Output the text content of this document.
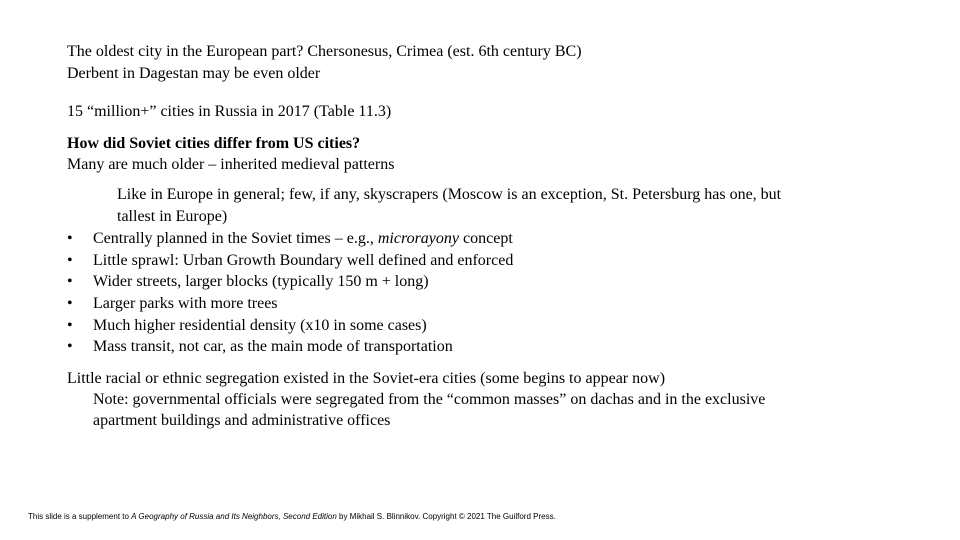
The oldest city in the European part? Chersonesus, Crimea (est. 6th century BC)

Derbent in Dagestan may be even older

15 “million+” cities in Russia in 2017 (Table 11.3)

How did Soviet cities differ from US cities?

Many are much older – inherited medieval patterns

Like in Europe in general; few, if any, skyscrapers (Moscow is an exception, St. Petersburg has one, but

tallest in Europe)

• Centrally planned in the Soviet times – e.g., microrayony concept

• Little sprawl: Urban Growth Boundary well defined and enforced

• Wider streets, larger blocks (typically 150 m + long)

• Larger parks with more trees

• Much higher residential density (x10 in some cases)

• Mass transit, not car, as the main mode of transportation

Little racial or ethnic segregation existed in the Soviet-era cities (some begins to appear now)

Note: governmental officials were segregated from the “common masses” on dachas and in the exclusive

apartment buildings and administrative offices

This slide is a supplement to A Geography of Russia and Its Neighbors, Second Edition by Mikhail S. Blinnikov. Copyright © 2021 The Guilford Press.
